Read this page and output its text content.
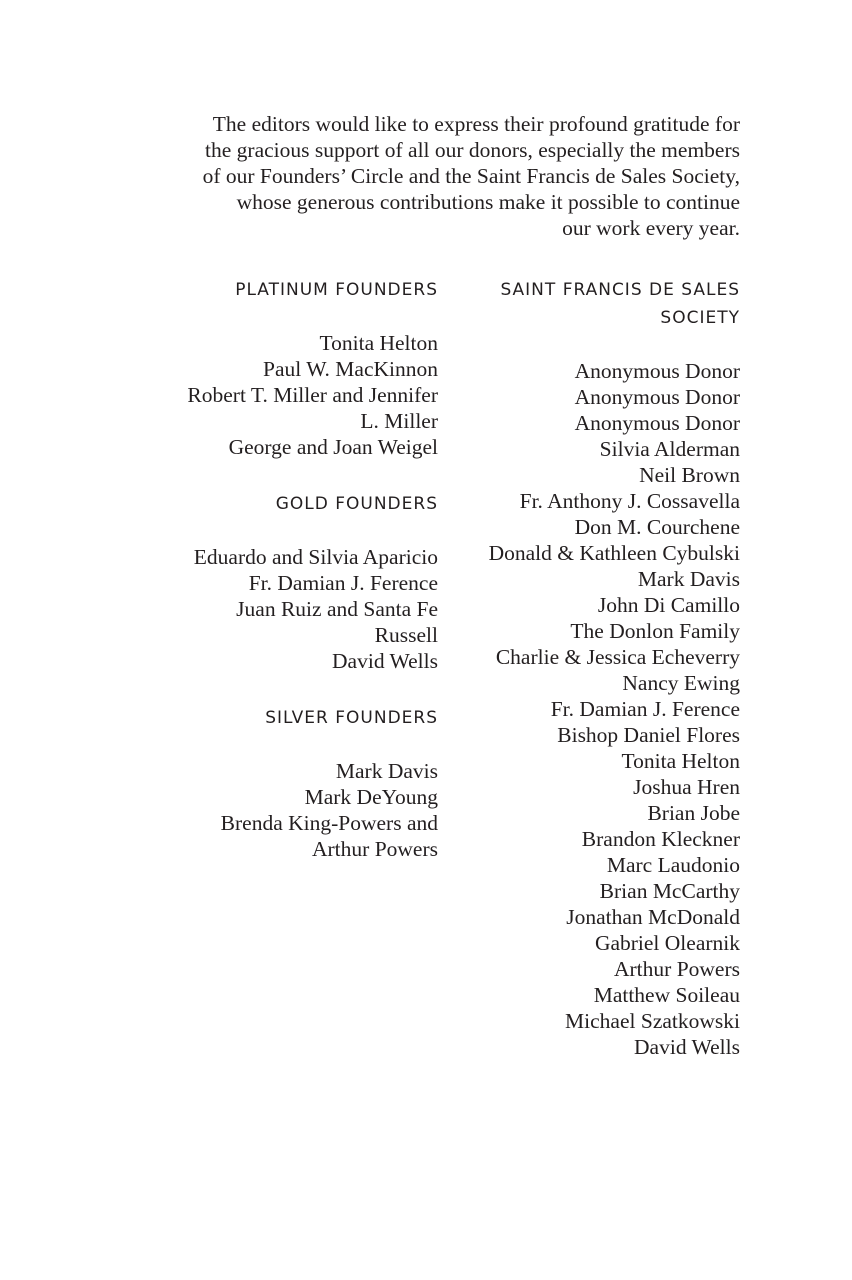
The editors would like to express their profound gratitude for
the gracious support of all our donors, especially the members
of our Founders’ Circle and the Saint Francis de Sales Society,
whose generous contributions make it possible to continue
our work every year.
PLATINUM FOUNDERS
Tonita Helton
Paul W. MacKinnon
Robert T. Miller and Jennifer
L. Miller
George and Joan Weigel
GOLD FOUNDERS
Eduardo and Silvia Aparicio
Fr. Damian J. Ference
Juan Ruiz and Santa Fe
Russell
David Wells
SILVER FOUNDERS
Mark Davis
Mark DeYoung
Brenda King-Powers and
Arthur Powers
SAINT FRANCIS DE SALES
SOCIETY
Anonymous Donor
Anonymous Donor
Anonymous Donor
Silvia Alderman
Neil Brown
Fr. Anthony J. Cossavella
Don M. Courchene
Donald & Kathleen Cybulski
Mark Davis
John Di Camillo
The Donlon Family
Charlie & Jessica Echeverry
Nancy Ewing
Fr. Damian J. Ference
Bishop Daniel Flores
Tonita Helton
Joshua Hren
Brian Jobe
Brandon Kleckner
Marc Laudonio
Brian McCarthy
Jonathan McDonald
Gabriel Olearnik
Arthur Powers
Matthew Soileau
Michael Szatkowski
David Wells
